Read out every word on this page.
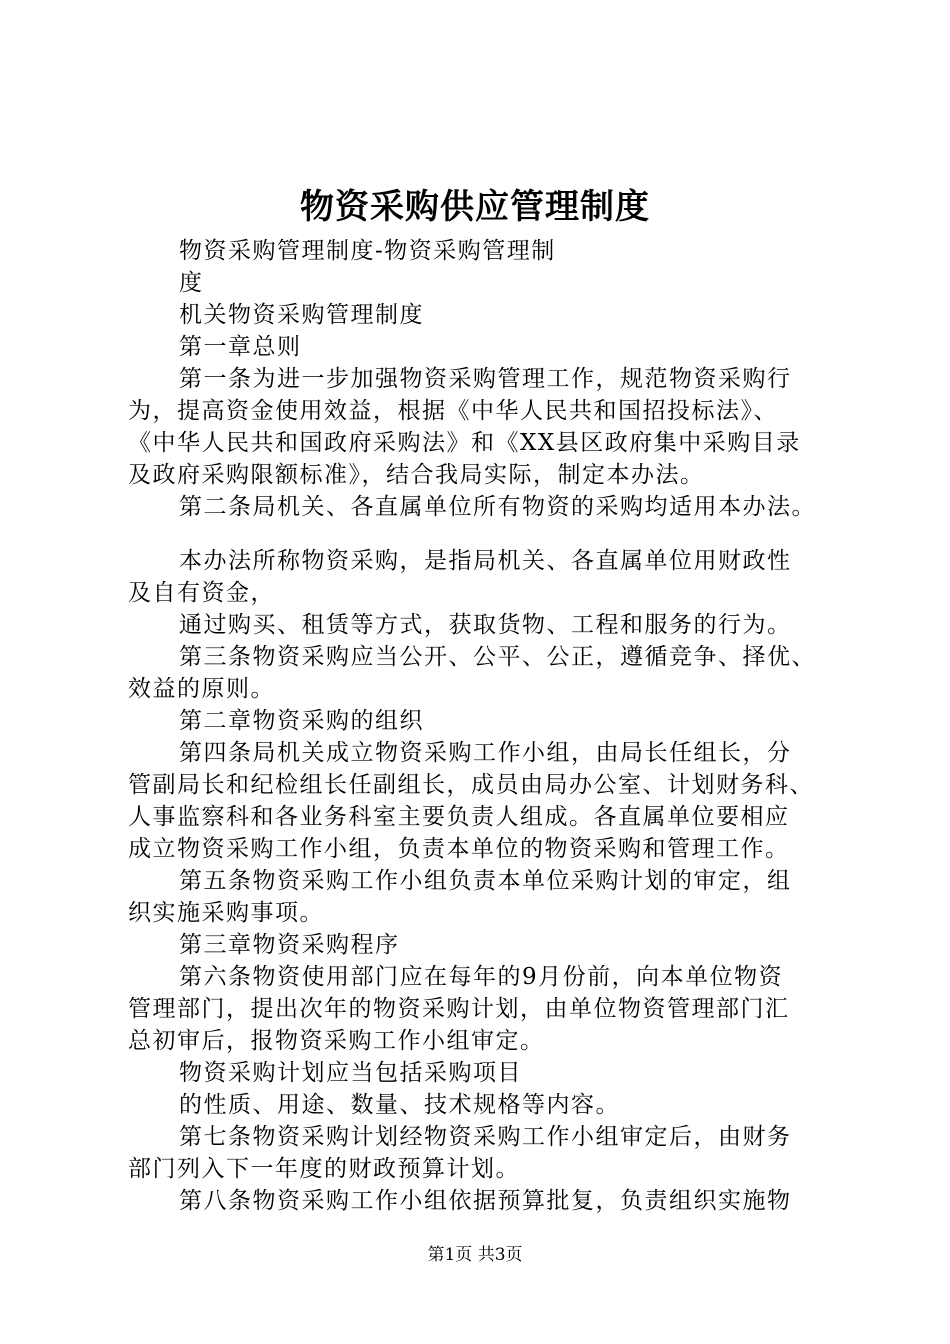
物资采购供应管理制度
物资采购管理制度-物资采购管理制
度
机关物资采购管理制度
第一章总则
第一条为进一步加强物资采购管理工作，规范物资采购行
为，提高资金使用效益，根据《中华人民共和国招投标法》、
《中华人民共和国政府采购法》和《XX县区政府集中采购目录
及政府采购限额标准》，结合我局实际，制定本办法。
第二条局机关、各直属单位所有物资的采购均适用本办法。
本办法所称物资采购，是指局机关、各直属单位用财政性
及自有资金，
通过购买、租赁等方式，获取货物、工程和服务的行为。
第三条物资采购应当公开、公平、公正，遵循竞争、择优、
效益的原则。
第二章物资采购的组织
第四条局机关成立物资采购工作小组，由局长任组长，分
管副局长和纪检组长任副组长，成员由局办公室、计划财务科、
人事监察科和各业务科室主要负责人组成。各直属单位要相应
成立物资采购工作小组，负责本单位的物资采购和管理工作。
第五条物资采购工作小组负责本单位采购计划的审定，组
织实施采购事项。
第三章物资采购程序
第六条物资使用部门应在每年的9月份前，向本单位物资
管理部门，提出次年的物资采购计划，由单位物资管理部门汇
总初审后，报物资采购工作小组审定。
物资采购计划应当包括采购项目
的性质、用途、数量、技术规格等内容。
第七条物资采购计划经物资采购工作小组审定后，由财务
部门列入下一年度的财政预算计划。
第八条物资采购工作小组依据预算批复，负责组织实施物
第1页 共3页
